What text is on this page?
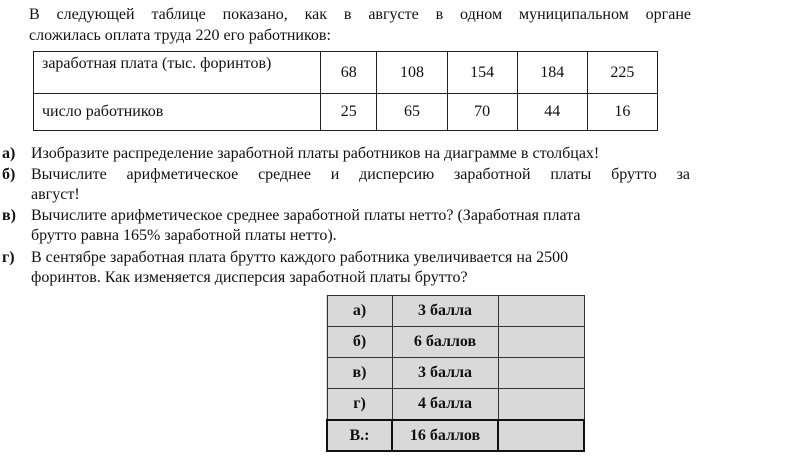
В следующей таблице показано, как в августе в одном муниципальном органе
сложилась оплата труда 220 его работников:
заработная плата (тыс. форинтов)	68	108	154	184	225
число работников	25	65	70	44	16
а) Изобразите распределение заработной платы работников на диаграмме в столбцах!
б) Вычислите арифметическое среднее и дисперсию заработной платы брутто за
август!
в) Вычислите арифметическое среднее заработной платы нетто? (Заработная плата
брутто равна 165% заработной платы нетто).
г) В сентябре заработная плата брутто каждого работника увеличивается на 2500
форинтов. Как изменяется дисперсия заработной платы брутто?
а)	3 балла	
б)	6 баллов	
в)	3 балла	
г)	4 балла	
В.:	16 баллов	
